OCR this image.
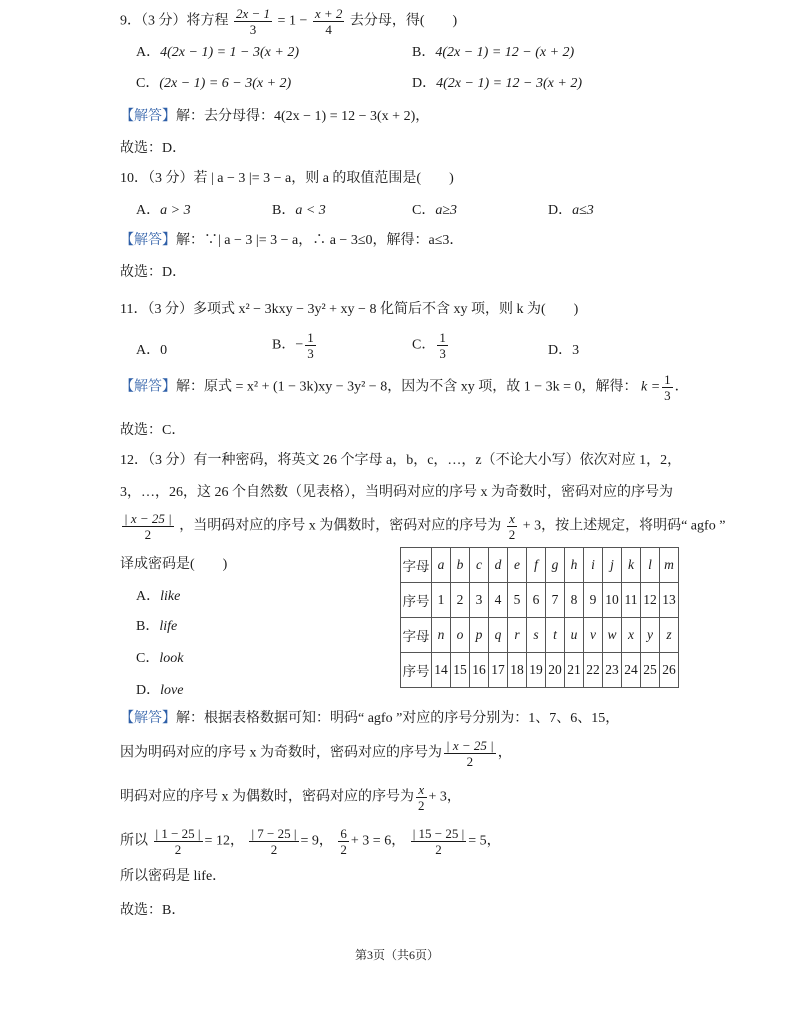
9．（3 分）将方程 $\frac{2x - 1}{3} = 1 - \frac{x + 2}{4}$ 去分母，得(　　)
A．4(2x − 1) = 1 − 3(x + 2)	B．4(2x − 1) = 12 − (x + 2)
C．(2x − 1) = 6 − 3(x + 2)	D．4(2x − 1) = 12 − 3(x + 2)
【解答】解：去分母得：4(2x − 1) = 12 − 3(x + 2)，
故选：D．
10．（3 分）若 | a − 3 |= 3 − a，则 a 的取值范围是(　　)
A．a > 3	B．a < 3	C．a≥3	D．a≤3
【解答】解：∵| a − 3 |= 3 − a，∴ a − 3≤0，解得：a≤3．
故选：D．
11．（3 分）多项式 x² − 3kxy − 3y² + xy − 8 化简后不含 xy 项，则 k 为(　　)
A．0	B．− $\frac{1}{3}$	C． $\frac{1}{3}$	D．3
【解答】解：原式 = x² + (1 − 3k)xy − 3y² − 8，因为不含 xy 项，故 1 − 3k = 0，解得： $k = \frac{1}{3}$ ．
故选：C．
12．（3 分）有一种密码，将英文 26 个字母 a，b，c，…，z（不论大小写）依次对应 1，2，
3，…，26，这 26 个自然数（见表格），当明码对应的序号 x 为奇数时，密码对应的序号为
$\frac{| x - 25 |}{2}$ ，当明码对应的序号 x 为偶数时，密码对应的序号为 $\frac{x}{2} + 3$，按上述规定，将明码“ agfo ”
译成密码是(　　)
A．like
B．life
C．look
D．love
字母	a	b	c	d	e	f	g	h	i	j	k	l	m
序号	1	2	3	4	5	6	7	8	9	10	11	12	13
字母	n	o	p	q	r	s	t	u	v	w	x	y	z
序号	14	15	16	17	18	19	20	21	22	23	24	25	26
【解答】解：根据表格数据可知：明码“ agfo ”对应的序号分别为：1、7、6、15，
因为明码对应的序号 x 为奇数时，密码对应的序号为 $\frac{| x - 25 |}{2}$ ，
明码对应的序号 x 为偶数时，密码对应的序号为 $\frac{x}{2} + 3$，
所以 $\frac{| 1 - 25 |}{2} = 12$， $\frac{| 7 - 25 |}{2} = 9$， $\frac{6}{2} + 3 = 6$， $\frac{| 15 - 25 |}{2} = 5$，
所以密码是 life．
故选：B．
第3页（共6页）
